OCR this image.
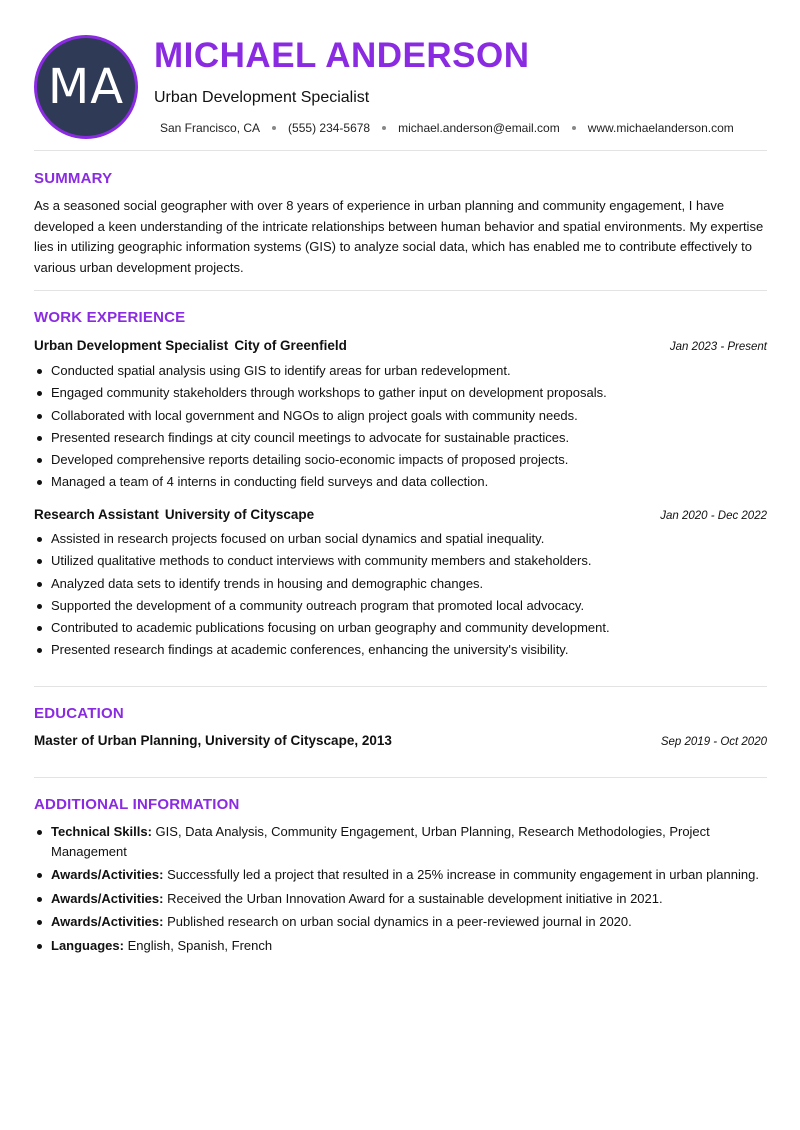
MA
MICHAEL ANDERSON
Urban Development Specialist
San Francisco, CA (555) 234-5678 michael.anderson@email.com www.michaelanderson.com
SUMMARY
As a seasoned social geographer with over 8 years of experience in urban planning and community engagement, I have developed a keen understanding of the intricate relationships between human behavior and spatial environments. My expertise lies in utilizing geographic information systems (GIS) to analyze social data, which has enabled me to contribute effectively to various urban development projects.
WORK EXPERIENCE
Urban Development Specialist City of Greenfield	Jan 2023 - Present
Conducted spatial analysis using GIS to identify areas for urban redevelopment.
Engaged community stakeholders through workshops to gather input on development proposals.
Collaborated with local government and NGOs to align project goals with community needs.
Presented research findings at city council meetings to advocate for sustainable practices.
Developed comprehensive reports detailing socio-economic impacts of proposed projects.
Managed a team of 4 interns in conducting field surveys and data collection.
Research Assistant University of Cityscape	Jan 2020 - Dec 2022
Assisted in research projects focused on urban social dynamics and spatial inequality.
Utilized qualitative methods to conduct interviews with community members and stakeholders.
Analyzed data sets to identify trends in housing and demographic changes.
Supported the development of a community outreach program that promoted local advocacy.
Contributed to academic publications focusing on urban geography and community development.
Presented research findings at academic conferences, enhancing the university's visibility.
EDUCATION
Master of Urban Planning, University of Cityscape, 2013	Sep 2019 - Oct 2020
ADDITIONAL INFORMATION
Technical Skills: GIS, Data Analysis, Community Engagement, Urban Planning, Research Methodologies, Project Management
Awards/Activities: Successfully led a project that resulted in a 25% increase in community engagement in urban planning.
Awards/Activities: Received the Urban Innovation Award for a sustainable development initiative in 2021.
Awards/Activities: Published research on urban social dynamics in a peer-reviewed journal in 2020.
Languages: English, Spanish, French
